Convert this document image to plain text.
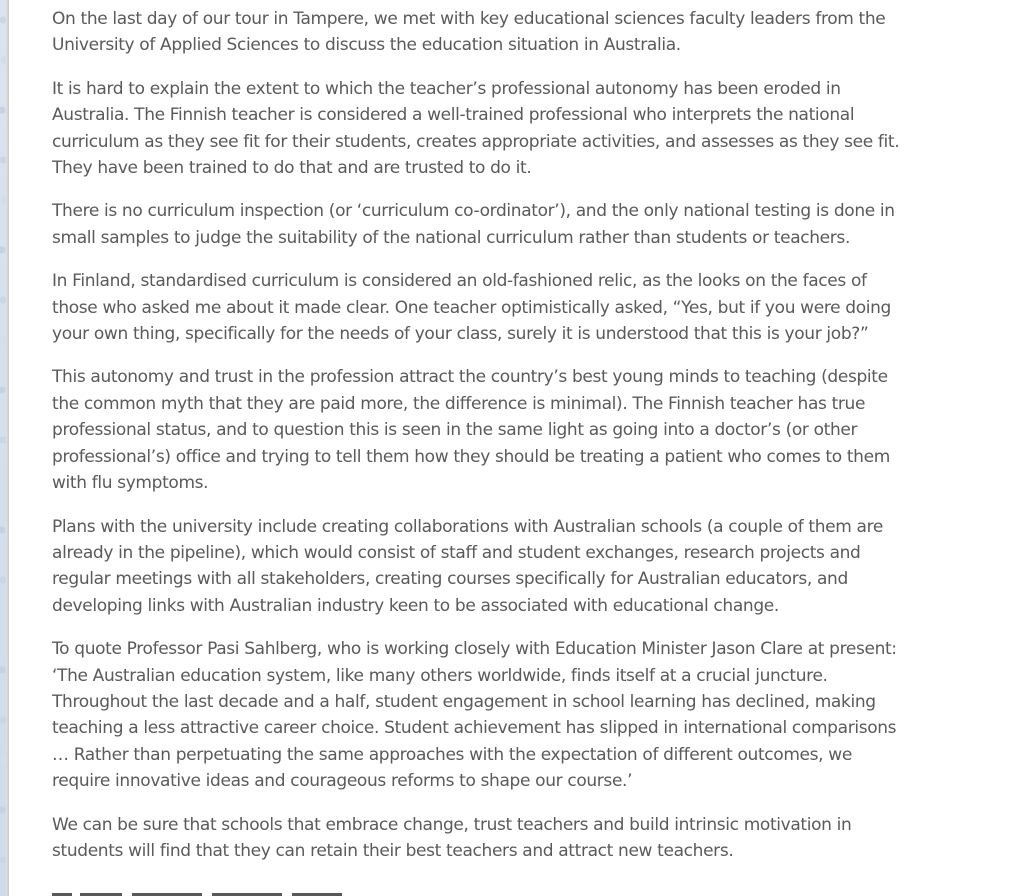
On the last day of our tour in Tampere, we met with key educational sciences faculty leaders from the University of Applied Sciences to discuss the education situation in Australia.

It is hard to explain the extent to which the teacher’s professional autonomy has been eroded in Australia. The Finnish teacher is considered a well-trained professional who interprets the national curriculum as they see fit for their students, creates appropriate activities, and assesses as they see fit. They have been trained to do that and are trusted to do it.

There is no curriculum inspection (or ‘curriculum co-ordinator’), and the only national testing is done in small samples to judge the suitability of the national curriculum rather than students or teachers.

In Finland, standardised curriculum is considered an old-fashioned relic, as the looks on the faces of those who asked me about it made clear. One teacher optimistically asked, “Yes, but if you were doing your own thing, specifically for the needs of your class, surely it is understood that this is your job?”

This autonomy and trust in the profession attract the country’s best young minds to teaching (despite the common myth that they are paid more, the difference is minimal). The Finnish teacher has true professional status, and to question this is seen in the same light as going into a doctor’s (or other professional’s) office and trying to tell them how they should be treating a patient who comes to them with flu symptoms.

Plans with the university include creating collaborations with Australian schools (a couple of them are already in the pipeline), which would consist of staff and student exchanges, research projects and regular meetings with all stakeholders, creating courses specifically for Australian educators, and developing links with Australian industry keen to be associated with educational change.

To quote Professor Pasi Sahlberg, who is working closely with Education Minister Jason Clare at present: ‘The Australian education system, like many others worldwide, finds itself at a crucial juncture. Throughout the last decade and a half, student engagement in school learning has declined, making teaching a less attractive career choice. Student achievement has slipped in international comparisons … Rather than perpetuating the same approaches with the expectation of different outcomes, we require innovative ideas and courageous reforms to shape our course.’

We can be sure that schools that embrace change, trust teachers and build intrinsic motivation in students will find that they can retain their best teachers and attract new teachers.
